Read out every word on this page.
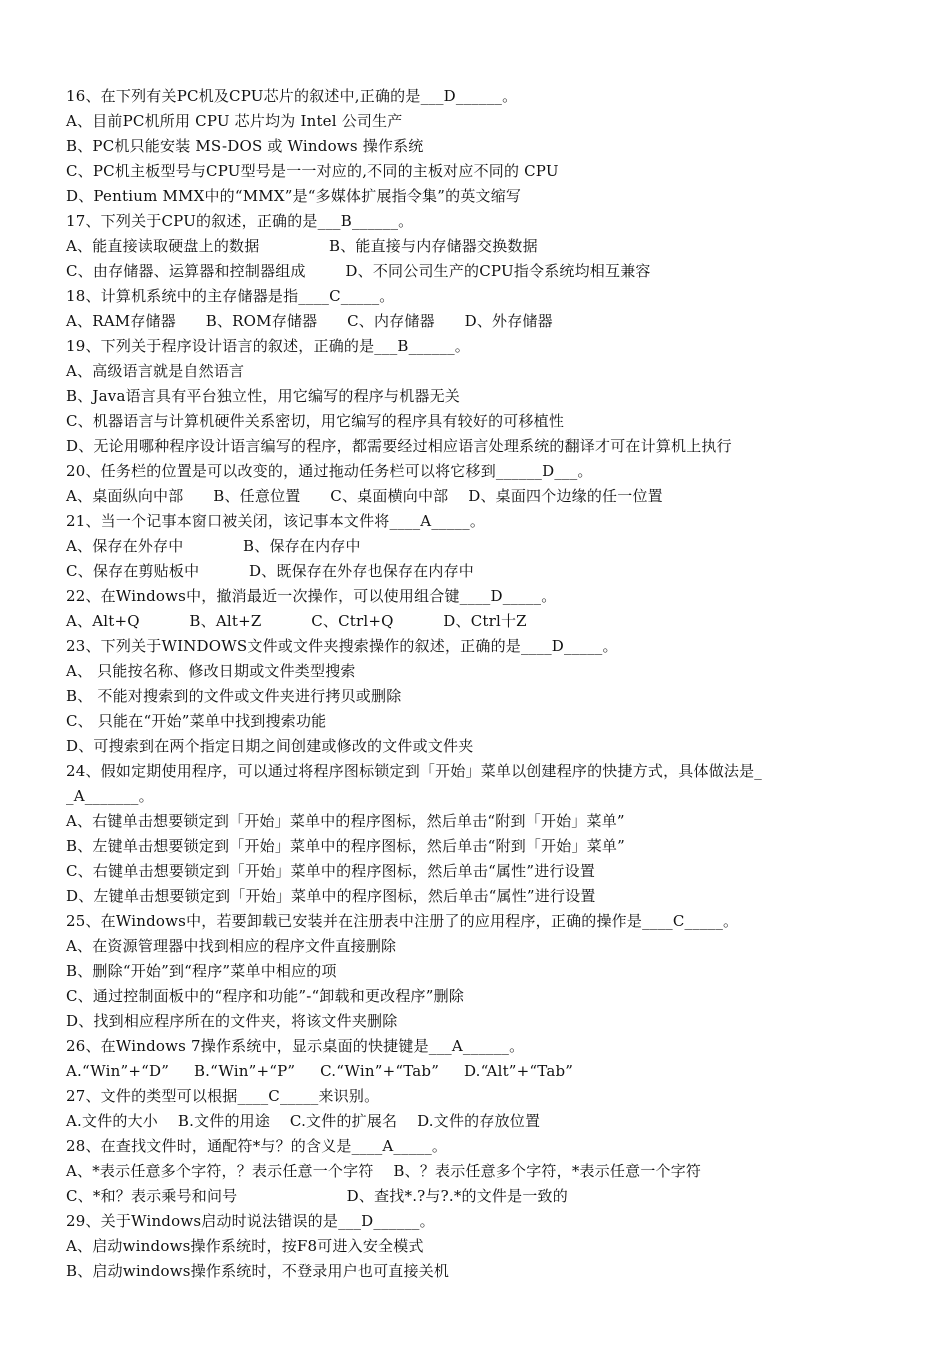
16、在下列有关PC机及CPU芯片的叙述中,正确的是___D______。
A、目前PC机所用 CPU 芯片均为 Intel 公司生产
B、PC机只能安装 MS-DOS 或 Windows 操作系统
C、PC机主板型号与CPU型号是一一对应的,不同的主板对应不同的 CPU
D、Pentium MMX中的“MMX”是“多媒体扩展指令集”的英文缩写
17、下列关于CPU的叙述，正确的是___B______。
A、能直接读取硬盘上的数据              B、能直接与内存储器交换数据
C、由存储器、运算器和控制器组成        D、不同公司生产的CPU指令系统均相互兼容
18、计算机系统中的主存储器是指____C_____。
A、RAM存储器      B、ROM存储器      C、内存储器      D、外存储器
19、下列关于程序设计语言的叙述，正确的是___B______。
A、高级语言就是自然语言
B、Java语言具有平台独立性，用它编写的程序与机器无关
C、机器语言与计算机硬件关系密切，用它编写的程序具有较好的可移植性
D、无论用哪种程序设计语言编写的程序，都需要经过相应语言处理系统的翻译才可在计算机上执行
20、任务栏的位置是可以改变的，通过拖动任务栏可以将它移到______D___。
A、桌面纵向中部      B、任意位置      C、桌面横向中部    D、桌面四个边缘的任一位置
21、当一个记事本窗口被关闭，该记事本文件将____A_____。
A、保存在外存中            B、保存在内存中
C、保存在剪贴板中          D、既保存在外存也保存在内存中
22、在Windows中，撤消最近一次操作，可以使用组合键____D_____。
A、Alt+Q          B、Alt+Z          C、Ctrl+Q          D、Ctrl十Z
23、下列关于WINDOWS文件或文件夹搜索操作的叙述，正确的是____D_____。
A、 只能按名称、修改日期或文件类型搜索
B、 不能对搜索到的文件或文件夹进行拷贝或删除
C、 只能在“开始”菜单中找到搜索功能
D、可搜索到在两个指定日期之间创建或修改的文件或文件夹
24、假如定期使用程序，可以通过将程序图标锁定到「开始」菜单以创建程序的快捷方式，具体做法是_
_A_______。
A、右键单击想要锁定到「开始」菜单中的程序图标，然后单击“附到「开始」菜单”
B、左键单击想要锁定到「开始」菜单中的程序图标，然后单击“附到「开始」菜单”
C、右键单击想要锁定到「开始」菜单中的程序图标，然后单击“属性”进行设置
D、左键单击想要锁定到「开始」菜单中的程序图标，然后单击“属性”进行设置
25、在Windows中，若要卸载已安装并在注册表中注册了的应用程序，正确的操作是____C_____。
A、在资源管理器中找到相应的程序文件直接删除
B、删除“开始”到“程序”菜单中相应的项
C、通过控制面板中的“程序和功能”-“卸载和更改程序”删除
D、找到相应程序所在的文件夹，将该文件夹删除
26、在Windows 7操作系统中，显示桌面的快捷键是___A______。
A.“Win”+“D”     B.“Win”+“P”     C.“Win”+“Tab”     D.“Alt”+“Tab”
27、文件的类型可以根据____C_____来识别。
A.文件的大小    B.文件的用途    C.文件的扩展名    D.文件的存放位置
28、在查找文件时，通配符*与？的含义是____A_____。
A、*表示任意多个字符，？表示任意一个字符    B、？表示任意多个字符，*表示任意一个字符
C、*和？表示乘号和问号                      D、查找*.?与?.*的文件是一致的
29、关于Windows启动时说法错误的是___D______。
A、启动windows操作系统时，按F8可进入安全模式
B、启动windows操作系统时，不登录用户也可直接关机
